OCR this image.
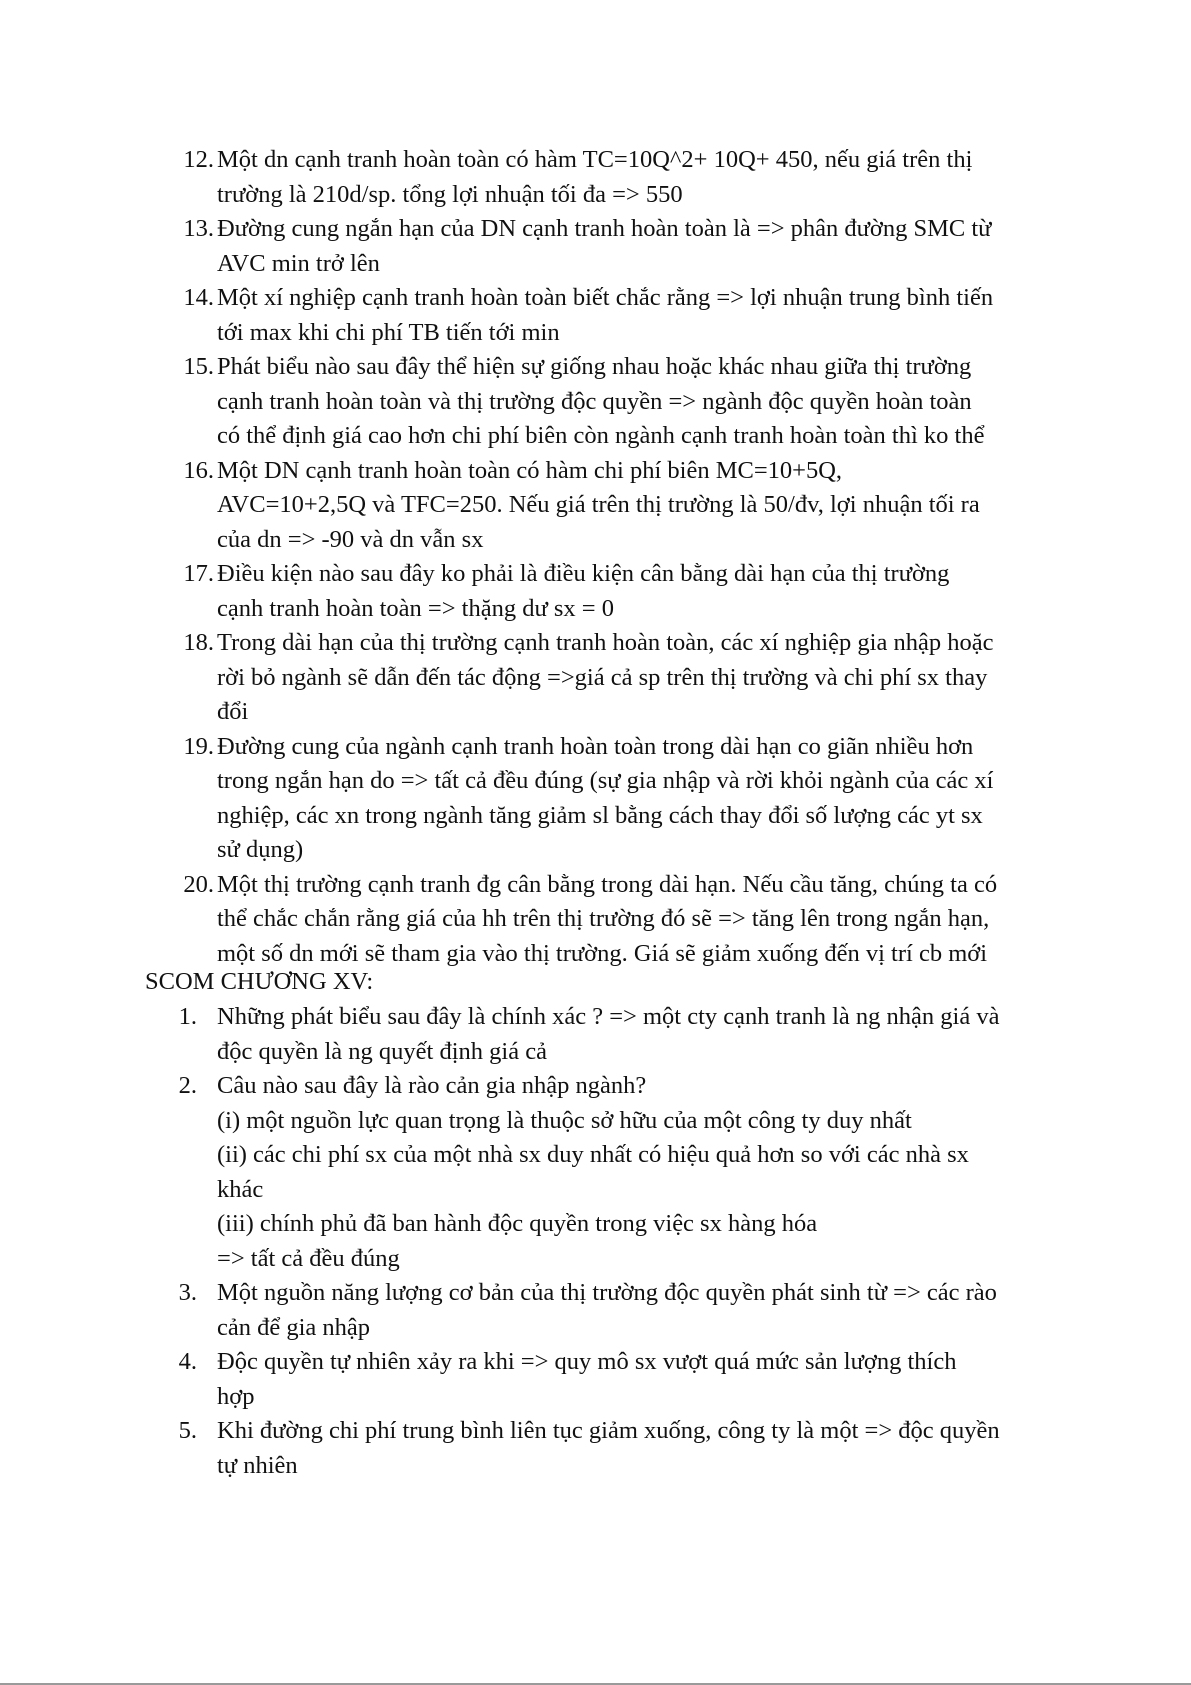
12. Một dn cạnh tranh hoàn toàn có hàm TC=10Q^2+ 10Q+ 450, nếu giá trên thị
trường là 210d/sp. tổng lợi nhuận tối đa => 550
13. Đường cung ngắn hạn của DN cạnh tranh hoàn toàn là => phân đường SMC từ
AVC min trở lên
14. Một xí nghiệp cạnh tranh hoàn toàn biết chắc rằng => lợi nhuận trung bình tiến
tới max khi chi phí TB tiến tới min
15. Phát biểu nào sau đây thể hiện sự giống nhau hoặc khác nhau giữa thị trường
cạnh tranh hoàn toàn và thị trường độc quyền => ngành độc quyền hoàn toàn
có thể định giá cao hơn chi phí biên còn ngành cạnh tranh hoàn toàn thì ko thể
16. Một DN cạnh tranh hoàn toàn có hàm chi phí biên MC=10+5Q,
AVC=10+2,5Q và TFC=250. Nếu giá trên thị trường là 50/đv, lợi nhuận tối ra
của dn => -90 và dn vẫn sx
17. Điều kiện nào sau đây ko phải là điều kiện cân bằng dài hạn của thị trường
cạnh tranh hoàn toàn => thặng dư sx = 0
18. Trong dài hạn của thị trường cạnh tranh hoàn toàn, các xí nghiệp gia nhập hoặc
rời bỏ ngành sẽ dẫn đến tác động =>giá cả sp trên thị trường và chi phí sx thay
đổi
19. Đường cung của ngành cạnh tranh hoàn toàn trong dài hạn co giãn nhiều hơn
trong ngắn hạn do => tất cả đều đúng (sự gia nhập và rời khỏi ngành của các xí
nghiệp, các xn trong ngành tăng giảm sl bằng cách thay đổi số lượng các yt sx
sử dụng)
20. Một thị trường cạnh tranh đg cân bằng trong dài hạn. Nếu cầu tăng, chúng ta có
thể chắc chắn rằng giá của hh trên thị trường đó sẽ => tăng lên trong ngắn hạn,
một số dn mới sẽ tham gia vào thị trường. Giá sẽ giảm xuống đến vị trí cb mới
SCOM CHƯƠNG XV:
1. Những phát biểu sau đây là chính xác ? => một cty cạnh tranh là ng nhận giá và
độc quyền là ng quyết định giá cả
2. Câu nào sau đây là rào cản gia nhập ngành?
(i) một nguồn lực quan trọng là thuộc sở hữu của một công ty duy nhất
(ii) các chi phí sx của một nhà sx duy nhất có hiệu quả hơn so với các nhà sx
khác
(iii) chính phủ đã ban hành độc quyền trong việc sx hàng hóa
=> tất cả đều đúng
3. Một nguồn năng lượng cơ bản của thị trường độc quyền phát sinh từ => các rào
cản để gia nhập
4. Độc quyền tự nhiên xảy ra khi => quy mô sx vượt quá mức sản lượng thích
hợp
5. Khi đường chi phí trung bình liên tục giảm xuống, công ty là một => độc quyền
tự nhiên
